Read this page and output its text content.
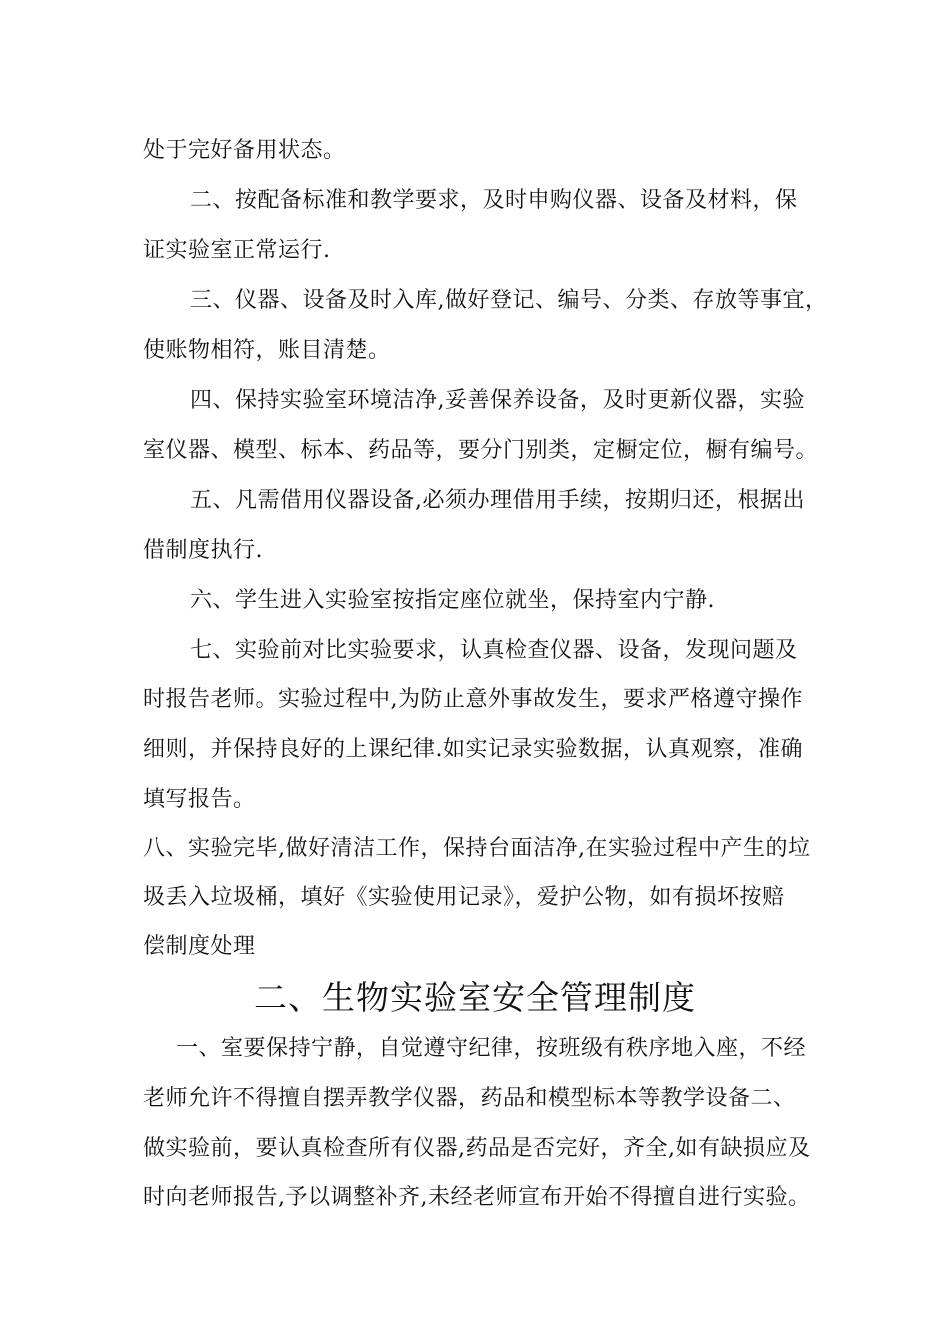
处于完好备用状态。
二、按配备标准和教学要求，及时申购仪器、设备及材料，保
证实验室正常运行.
三、仪器、设备及时入库,做好登记、编号、分类、存放等事宜，
使账物相符，账目清楚。
四、保持实验室环境洁净,妥善保养设备，及时更新仪器，实验
室仪器、模型、标本、药品等，要分门别类，定橱定位，橱有编号。
五、凡需借用仪器设备,必须办理借用手续，按期归还，根据出
借制度执行.
六、学生进入实验室按指定座位就坐，保持室内宁静.
七、实验前对比实验要求，认真检查仪器、设备，发现问题及
时报告老师。实验过程中,为防止意外事故发生，要求严格遵守操作
细则，并保持良好的上课纪律.如实记录实验数据，认真观察，准确
填写报告。
八、实验完毕,做好清洁工作，保持台面洁净,在实验过程中产生的垃
圾丢入垃圾桶，填好《实验使用记录》，爱护公物，如有损坏按赔
偿制度处理
二、生物实验室安全管理制度
一、室要保持宁静，自觉遵守纪律，按班级有秩序地入座，不经
老师允许不得擅自摆弄教学仪器，药品和模型标本等教学设备二、
做实验前，要认真检查所有仪器,药品是否完好，齐全,如有缺损应及
时向老师报告,予以调整补齐,未经老师宣布开始不得擅自进行实验。
